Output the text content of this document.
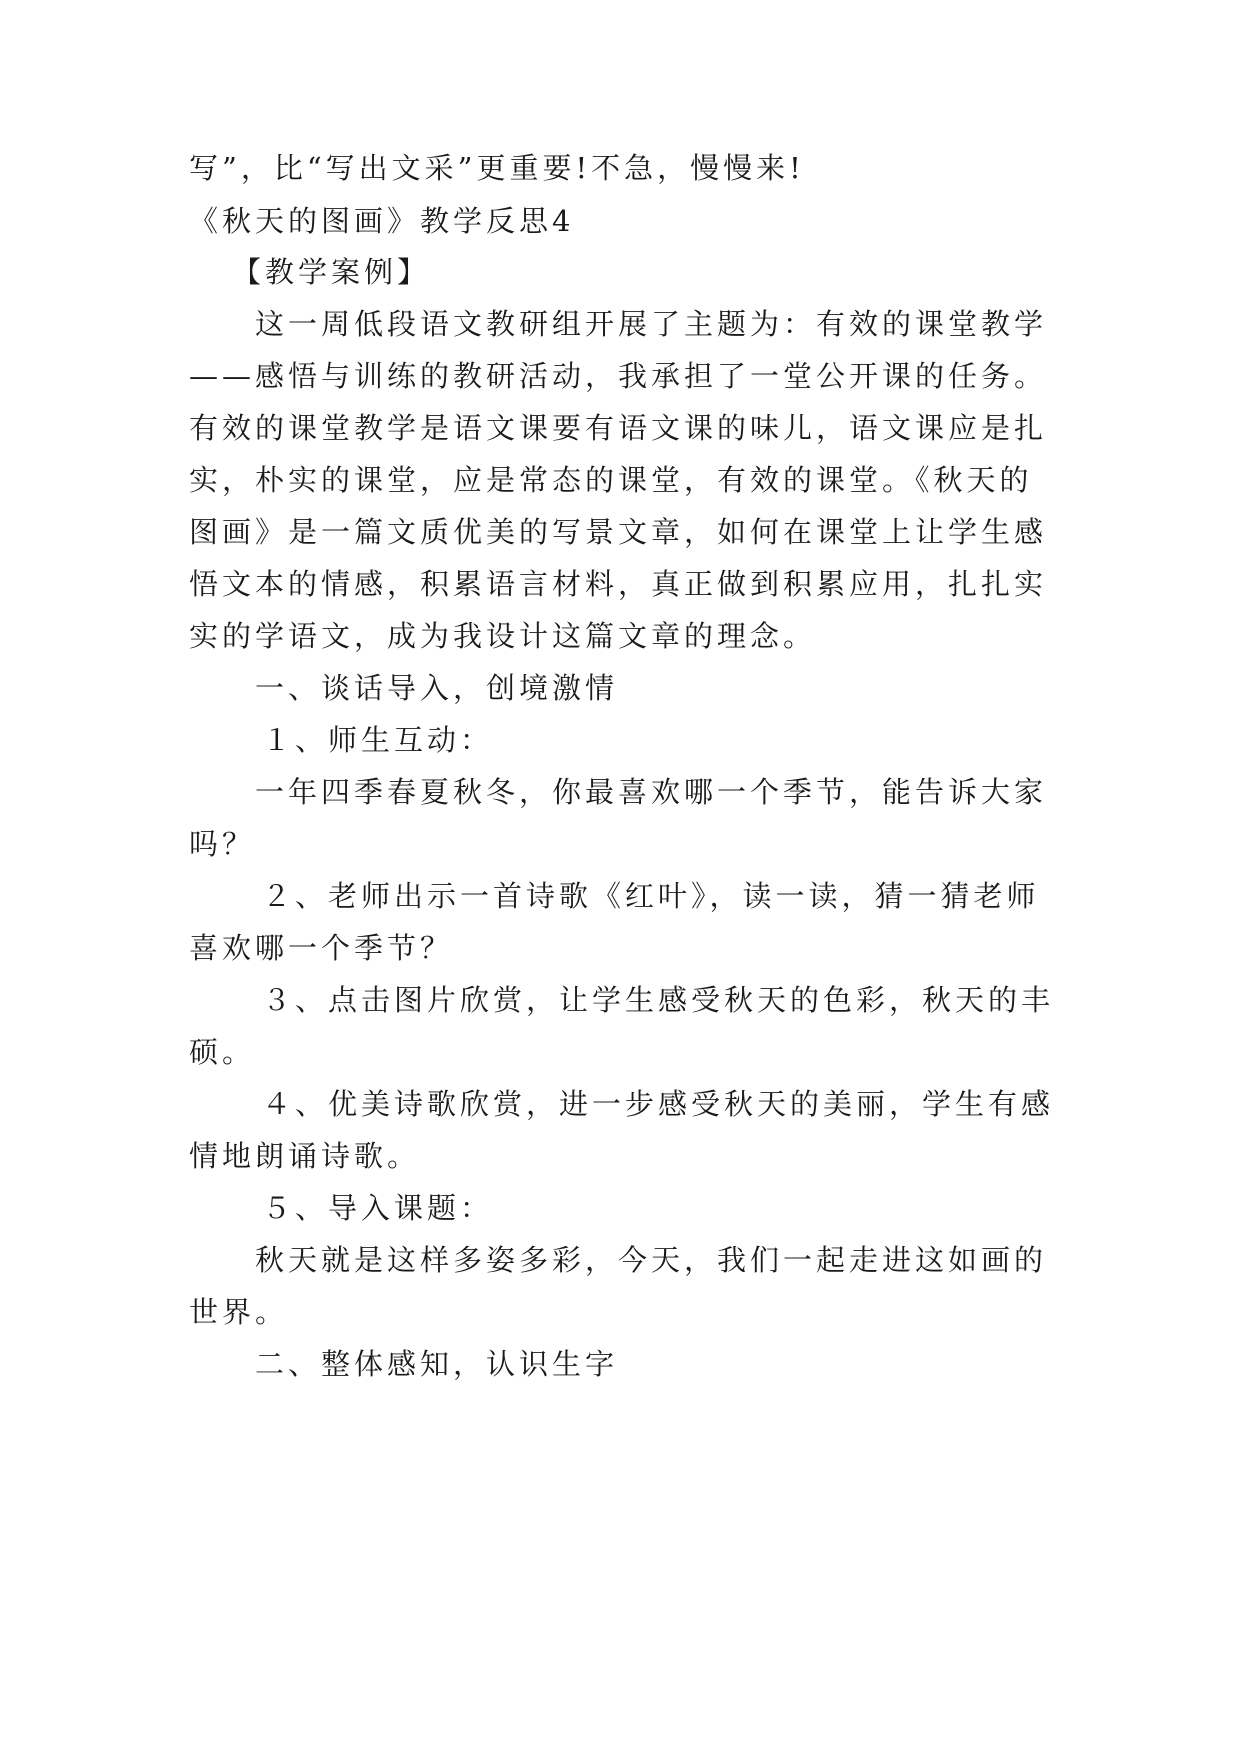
写”，比“写出文采”更重要!不急，慢慢来!
《秋天的图画》教学反思4
【教学案例】
这一周低段语文教研组开展了主题为：有效的课堂教学
——感悟与训练的教研活动，我承担了一堂公开课的任务。
有效的课堂教学是语文课要有语文课的味儿，语文课应是扎
实，朴实的课堂，应是常态的课堂，有效的课堂。《秋天的
图画》是一篇文质优美的写景文章，如何在课堂上让学生感
悟文本的情感，积累语言材料，真正做到积累应用，扎扎实
实的学语文，成为我设计这篇文章的理念。
一、谈话导入，创境激情
１、师生互动：
一年四季春夏秋冬，你最喜欢哪一个季节，能告诉大家
吗？
２、老师出示一首诗歌《红叶》，读一读，猜一猜老师
喜欢哪一个季节？
３、点击图片欣赏，让学生感受秋天的色彩，秋天的丰
硕。
４、优美诗歌欣赏，进一步感受秋天的美丽，学生有感
情地朗诵诗歌。
５、导入课题：
秋天就是这样多姿多彩，今天，我们一起走进这如画的
世界。
二、整体感知，认识生字
